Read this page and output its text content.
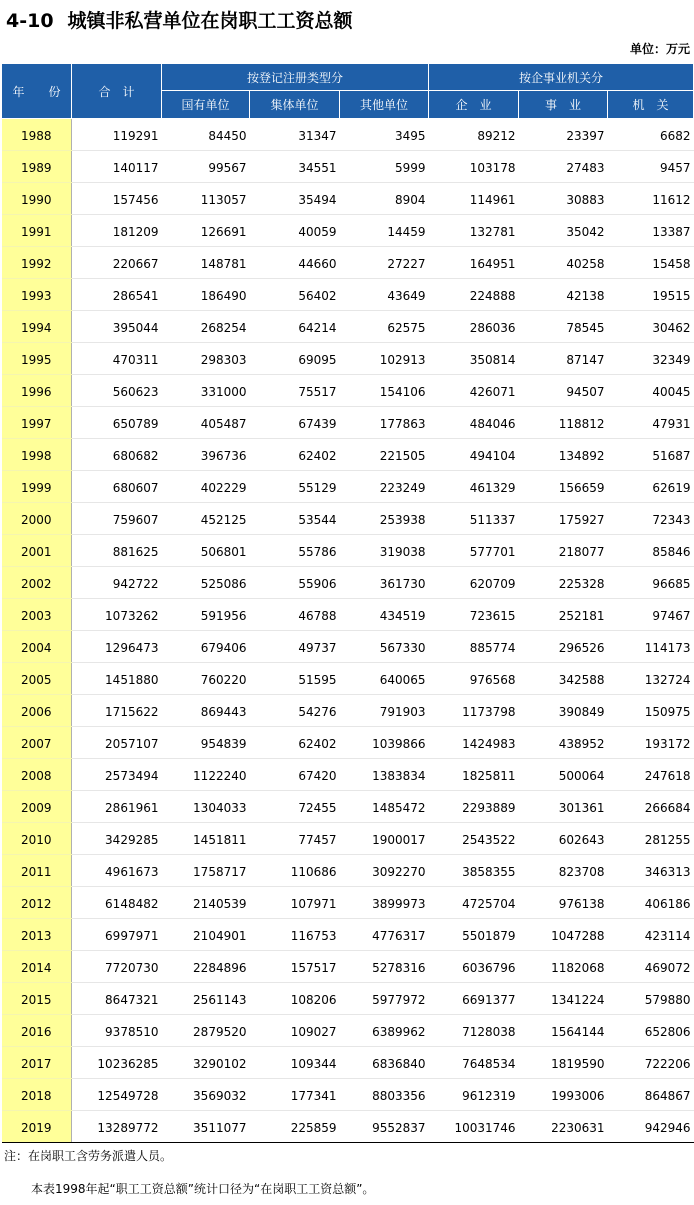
4-10 城镇非私营单位在岗职工工资总额
单位：万元
年　　份	合　计	按登记注册类型分			按企事业机关分		
		国有单位	集体单位	其他单位	企　业	事　业	机　关
1988	119291	84450	31347	3495	89212	23397	6682
1989	140117	99567	34551	5999	103178	27483	9457
1990	157456	113057	35494	8904	114961	30883	11612
1991	181209	126691	40059	14459	132781	35042	13387
1992	220667	148781	44660	27227	164951	40258	15458
1993	286541	186490	56402	43649	224888	42138	19515
1994	395044	268254	64214	62575	286036	78545	30462
1995	470311	298303	69095	102913	350814	87147	32349
1996	560623	331000	75517	154106	426071	94507	40045
1997	650789	405487	67439	177863	484046	118812	47931
1998	680682	396736	62402	221505	494104	134892	51687
1999	680607	402229	55129	223249	461329	156659	62619
2000	759607	452125	53544	253938	511337	175927	72343
2001	881625	506801	55786	319038	577701	218077	85846
2002	942722	525086	55906	361730	620709	225328	96685
2003	1073262	591956	46788	434519	723615	252181	97467
2004	1296473	679406	49737	567330	885774	296526	114173
2005	1451880	760220	51595	640065	976568	342588	132724
2006	1715622	869443	54276	791903	1173798	390849	150975
2007	2057107	954839	62402	1039866	1424983	438952	193172
2008	2573494	1122240	67420	1383834	1825811	500064	247618
2009	2861961	1304033	72455	1485472	2293889	301361	266684
2010	3429285	1451811	77457	1900017	2543522	602643	281255
2011	4961673	1758717	110686	3092270	3858355	823708	346313
2012	6148482	2140539	107971	3899973	4725704	976138	406186
2013	6997971	2104901	116753	4776317	5501879	1047288	423114
2014	7720730	2284896	157517	5278316	6036796	1182068	469072
2015	8647321	2561143	108206	5977972	6691377	1341224	579880
2016	9378510	2879520	109027	6389962	7128038	1564144	652806
2017	10236285	3290102	109344	6836840	7648534	1819590	722206
2018	12549728	3569032	177341	8803356	9612319	1993006	864867
2019	13289772	3511077	225859	9552837	10031746	2230631	942946
注：在岗职工含劳务派遣人员。
本表1998年起“职工工资总额”统计口径为“在岗职工工资总额”。
